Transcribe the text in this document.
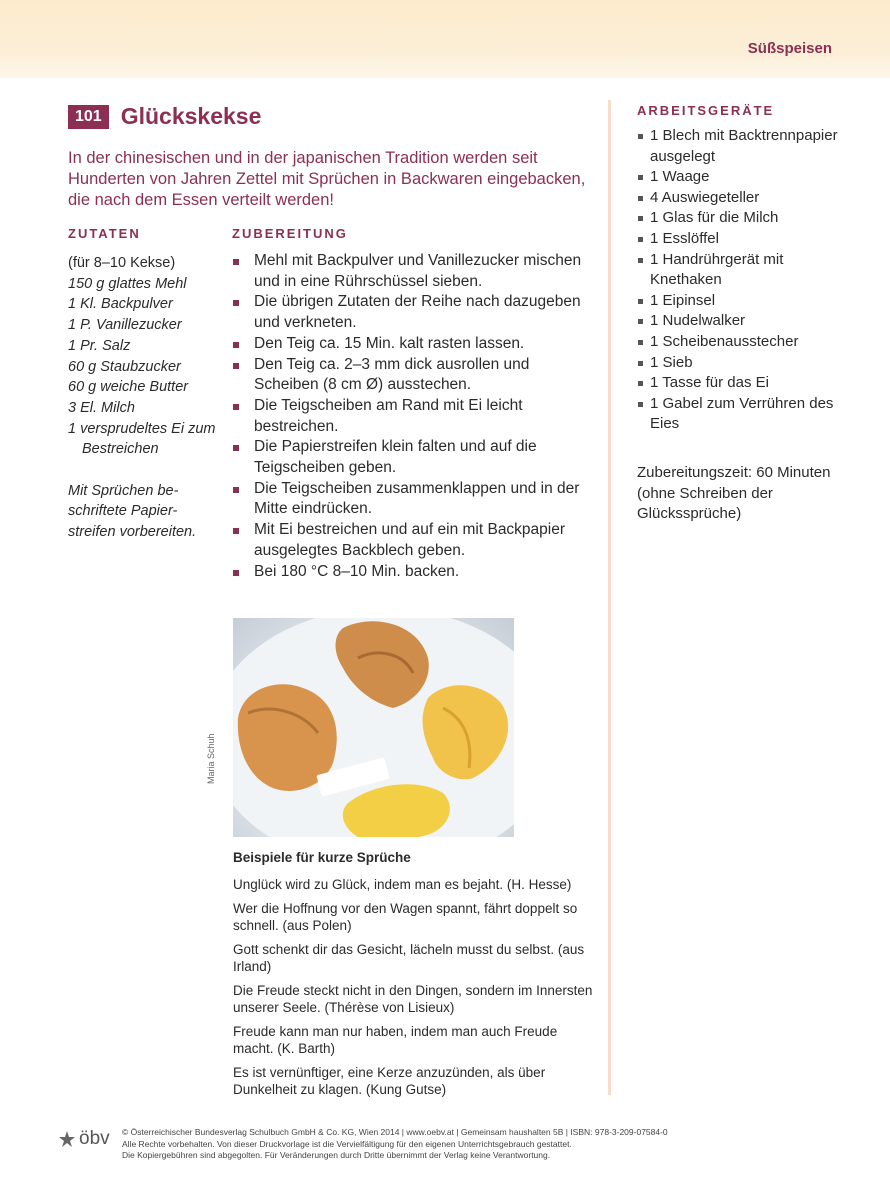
Süßspeisen
101 Glückskekse
In der chinesischen und in der japanischen Tradition werden seit Hunderten von Jahren Zettel mit Sprüchen in Backwaren eingebacken, die nach dem Essen verteilt werden!
ZUTATEN
(für 8–10 Kekse)
150 g glattes Mehl
1 Kl. Backpulver
1 P. Vanillezucker
1 Pr. Salz
60 g Staubzucker
60 g weiche Butter
3 El. Milch
1 versprudeltes Ei zum
Bestreichen
Mit Sprüchen be-
schriftete Papier-
streifen vorbereiten.
ZUBEREITUNG
Mehl mit Backpulver und Vanillezucker mischen und in eine Rührschüssel sieben.
Die übrigen Zutaten der Reihe nach dazugeben und verkneten.
Den Teig ca. 15 Min. kalt rasten lassen.
Den Teig ca. 2–3 mm dick ausrollen und Scheiben (8 cm Ø) ausstechen.
Die Teigscheiben am Rand mit Ei leicht bestreichen.
Die Papierstreifen klein falten und auf die Teigscheiben geben.
Die Teigscheiben zusammenklappen und in der Mitte eindrücken.
Mit Ei bestreichen und auf ein mit Backpapier ausgelegtes Backblech geben.
Bei 180 °C 8–10 Min. backen.
ARBEITSGERÄTE
1 Blech mit Backtrennpapier ausgelegt
1 Waage
4 Auswiegeteller
1 Glas für die Milch
1 Esslöffel
1 Handrührgerät mit Knethaken
1 Eipinsel
1 Nudelwalker
1 Scheibenausstecher
1 Sieb
1 Tasse für das Ei
1 Gabel zum Verrühren des Eies
Zubereitungszeit: 60 Minuten (ohne Schreiben der Glückssprüche)
Maria Schuh
Beispiele für kurze Sprüche
Unglück wird zu Glück, indem man es bejaht. (H. Hesse)
Wer die Hoffnung vor den Wagen spannt, fährt doppelt so schnell. (aus Polen)
Gott schenkt dir das Gesicht, lächeln musst du selbst. (aus Irland)
Die Freude steckt nicht in den Dingen, sondern im Innersten unserer Seele. (Thérèse von Lisieux)
Freude kann man nur haben, indem man auch Freude macht. (K. Barth)
Es ist vernünftiger, eine Kerze anzuzünden, als über Dunkelheit zu klagen. (Kung Gutse)
öbv © Österreichischer Bundesverlag Schulbuch GmbH & Co. KG, Wien 2014 | www.oebv.at | Gemeinsam haushalten 5B | ISBN: 978-3-209-07584-0
Alle Rechte vorbehalten. Von dieser Druckvorlage ist die Vervielfältigung für den eigenen Unterrichtsgebrauch gestattet.
Die Kopiergebühren sind abgegolten. Für Veränderungen durch Dritte übernimmt der Verlag keine Verantwortung.
